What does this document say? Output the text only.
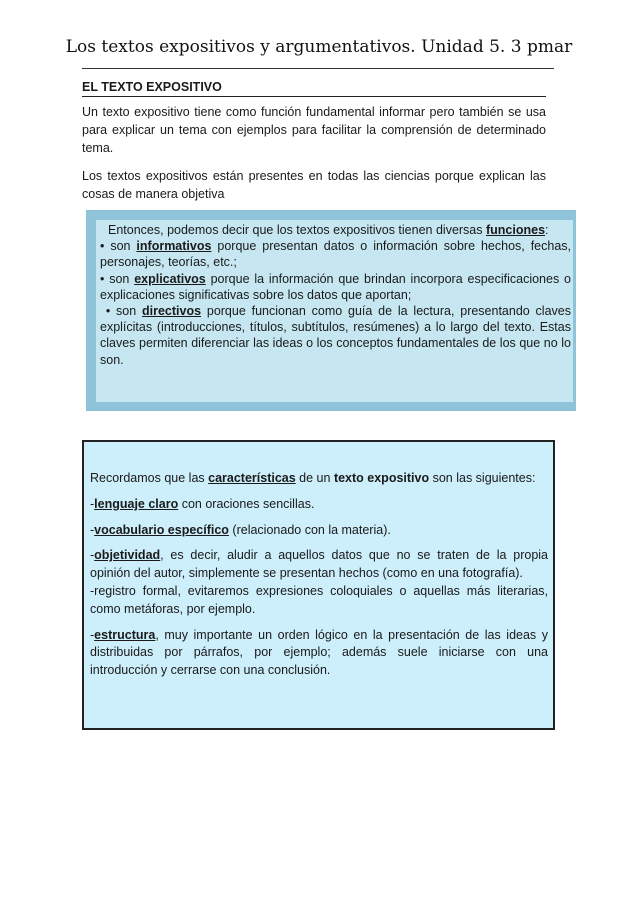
Los textos expositivos y argumentativos. Unidad 5. 3 pmar
EL TEXTO EXPOSITIVO

Un texto expositivo tiene como función fundamental informar pero también se usa para explicar un tema con ejemplos para facilitar la comprensión de determinado tema.

Los textos expositivos están presentes en todas las ciencias porque explican las cosas de manera objetiva

Entonces, podemos decir que los textos expositivos tienen diversas funciones:
• son informativos porque presentan datos o información sobre hechos, fechas, personajes, teorías, etc.;
• son explicativos porque la información que brindan incorpora especificaciones o explicaciones significativas sobre los datos que aportan;
• son directivos porque funcionan como guía de la lectura, presentando claves explícitas (introducciones, títulos, subtítulos, resúmenes) a lo largo del texto. Estas claves permiten diferenciar las ideas o los conceptos fundamentales de los que no lo son.
Recordamos que las características de un texto expositivo son las siguientes:
-lenguaje claro con oraciones sencillas.
-vocabulario específico (relacionado con la materia).
-objetividad, es decir, aludir a aquellos datos que no se traten de la propia opinión del autor, simplemente se presentan hechos (como en una fotografía).
-registro formal, evitaremos expresiones coloquiales o aquellas más literarias, como metáforas, por ejemplo.
-estructura, muy importante un orden lógico en la presentación de las ideas y distribuidas por párrafos, por ejemplo; además suele iniciarse con una introducción y cerrarse con una conclusión.
